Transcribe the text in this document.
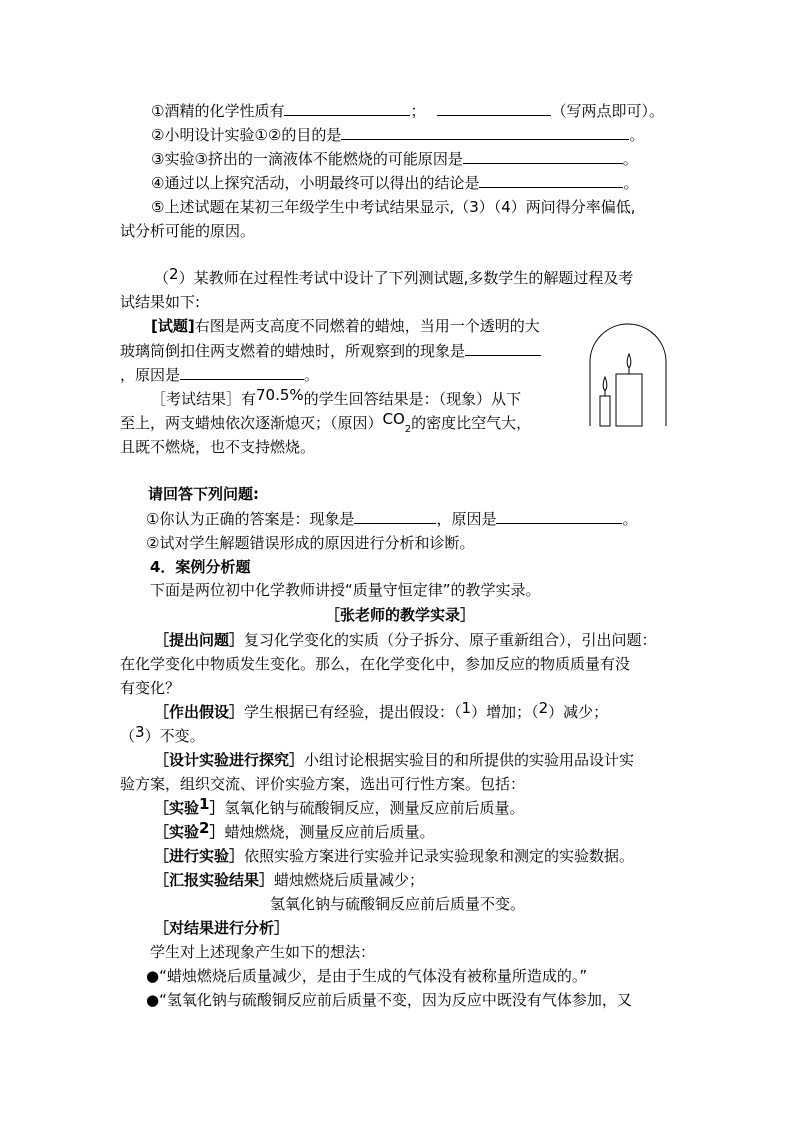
①酒精的化学性质有	；	（写两点即可）。
②小明设计实验①②的目的是	。
③实验③挤出的一滴液体不能燃烧的可能原因是	。
④通过以上探究活动，小明最终可以得出的结论是	。
⑤上述试题在某初三年级学生中考试结果显示,（3）（4）两问得分率偏低,
试分析可能的原因。
（2）某教师在过程性考试中设计了下列测试题,多数学生的解题过程及考
试结果如下:
[试题]右图是两支高度不同燃着的蜡烛，当用一个透明的大
玻璃筒倒扣住两支燃着的蜡烛时，所观察到的现象是
，原因是	。
［考试结果］有70.5%的学生回答结果是：（现象）从下
至上，两支蜡烛依次逐渐熄灭；（原因）$CO_2$的密度比空气大，
且既不燃烧，也不支持燃烧。
请回答下列问题:
①你认为正确的答案是：现象是	，原因是	。
②试对学生解题错误形成的原因进行分析和诊断。
4．案例分析题
下面是两位初中化学教师讲授“质量守恒定律”的教学实录。
［张老师的教学实录］
［提出问题］复习化学变化的实质（分子拆分、原子重新组合），引出问题：
在化学变化中物质发生变化。那么，在化学变化中，参加反应的物质质量有没
有变化？
［作出假设］学生根据已有经验，提出假设：（1）增加；（2）减少；
（3）不变。
［设计实验进行探究］小组讨论根据实验目的和所提供的实验用品设计实
验方案，组织交流、评价实验方案，选出可行性方案。包括：
［实验1］氢氧化钠与硫酸铜反应，测量反应前后质量。
［实验2］蜡烛燃烧，测量反应前后质量。
［进行实验］依照实验方案进行实验并记录实验现象和测定的实验数据。
［汇报实验结果］蜡烛燃烧后质量减少；
氢氧化钠与硫酸铜反应前后质量不变。
［对结果进行分析］
学生对上述现象产生如下的想法：
●“蜡烛燃烧后质量减少，是由于生成的气体没有被称量所造成的。”
●“氢氧化钠与硫酸铜反应前后质量不变，因为反应中既没有气体参加，又
